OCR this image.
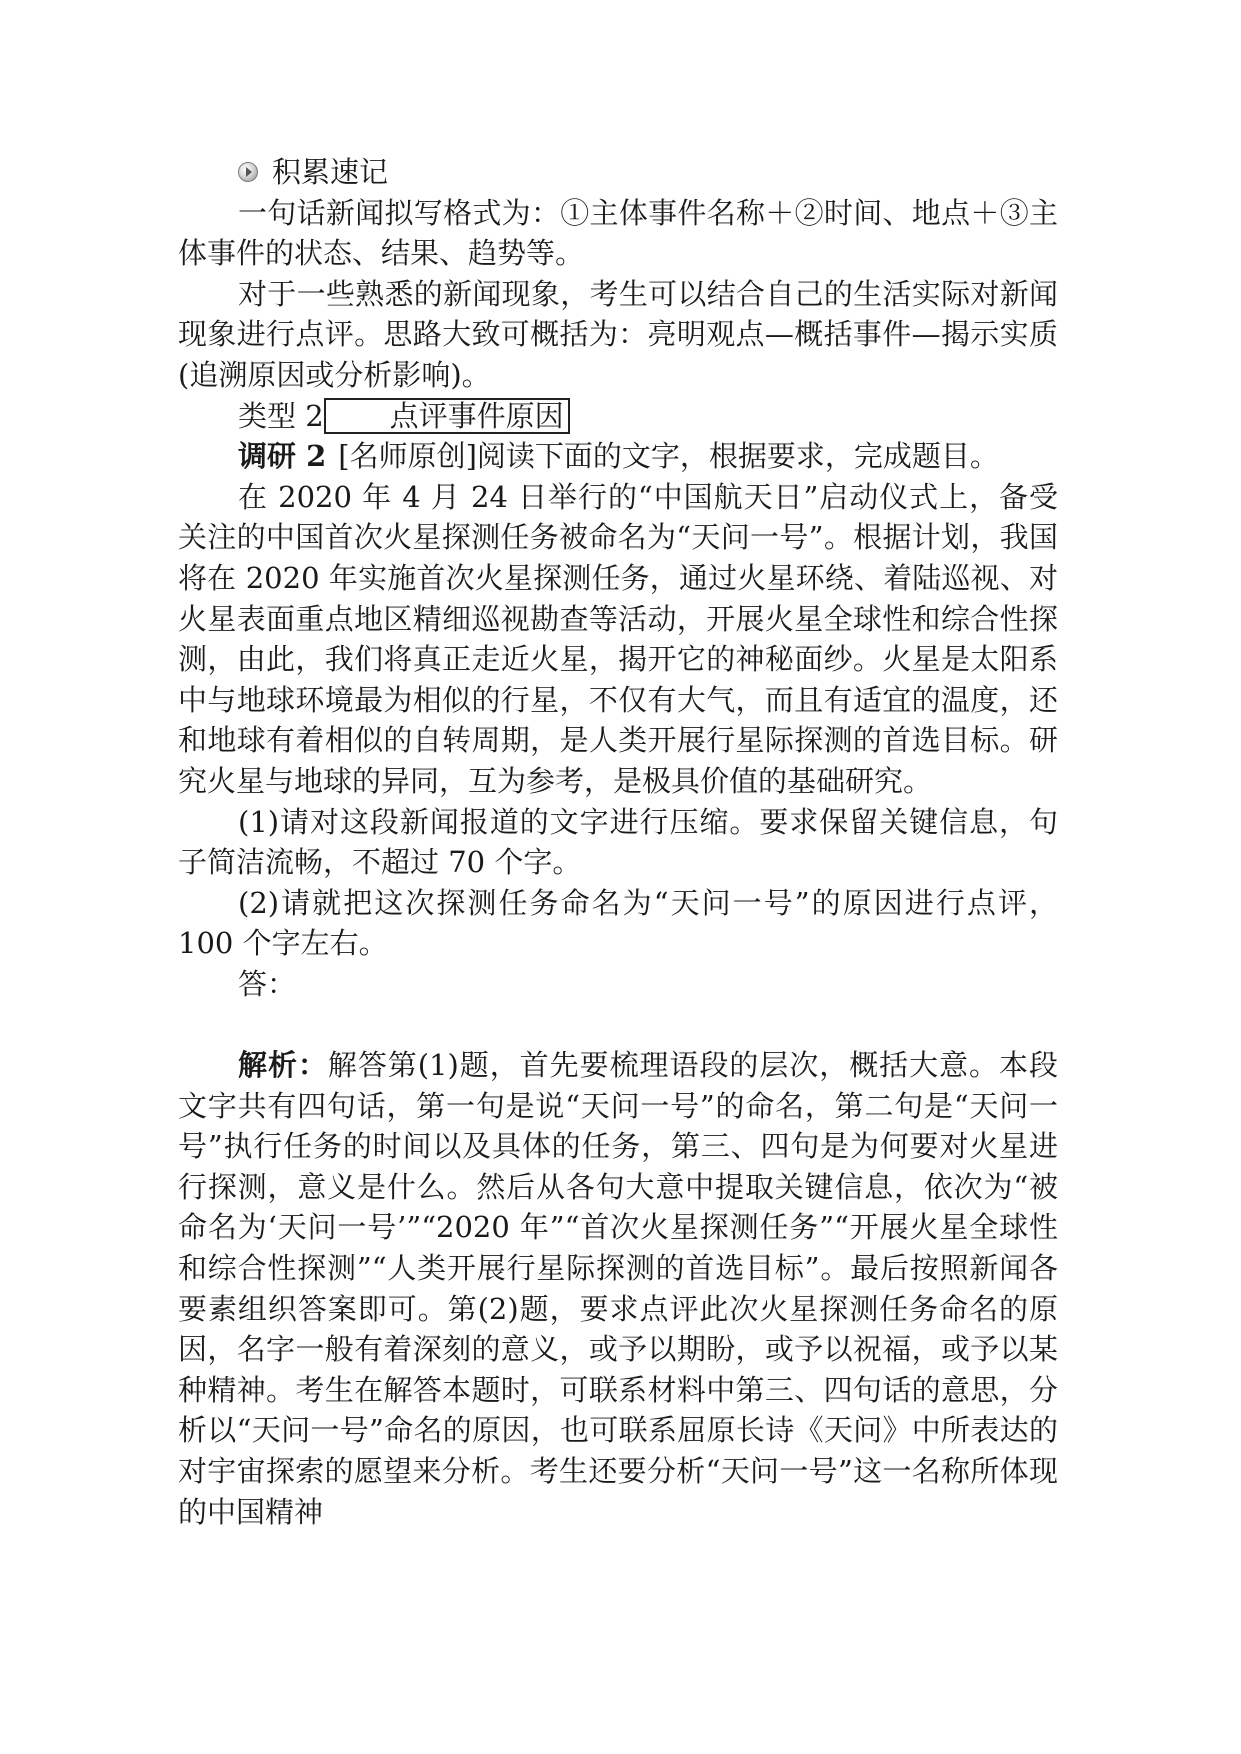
积累速记

一句话新闻拟写格式为：①主体事件名称＋②时间、地点＋③主体事件的状态、结果、趋势等。

对于一些熟悉的新闻现象，考生可以结合自己的生活实际对新闻现象进行点评。思路大致可概括为：亮明观点—概括事件—揭示实质(追溯原因或分析影响)。

类型 2 点评事件原因

调研 2 [名师原创]阅读下面的文字，根据要求，完成题目。

在 2020 年 4 月 24 日举行的“中国航天日”启动仪式上，备受关注的中国首次火星探测任务被命名为“天问一号”。根据计划，我国将在 2020 年实施首次火星探测任务，通过火星环绕、着陆巡视、对火星表面重点地区精细巡视勘查等活动，开展火星全球性和综合性探测，由此，我们将真正走近火星，揭开它的神秘面纱。火星是太阳系中与地球环境最为相似的行星，不仅有大气，而且有适宜的温度，还和地球有着相似的自转周期，是人类开展行星际探测的首选目标。研究火星与地球的异同，互为参考，是极具价值的基础研究。

(1)请对这段新闻报道的文字进行压缩。要求保留关键信息，句子简洁流畅，不超过 70 个字。

(2)请就把这次探测任务命名为“天问一号”的原因进行点评，100 个字左右。

答：

解析：解答第(1)题，首先要梳理语段的层次，概括大意。本段文字共有四句话，第一句是说“天问一号”的命名，第二句是“天问一号”执行任务的时间以及具体的任务，第三、四句是为何要对火星进行探测，意义是什么。然后从各句大意中提取关键信息，依次为“被命名为‘天问一号’”“2020 年”“首次火星探测任务”“开展火星全球性和综合性探测”“人类开展行星际探测的首选目标”。最后按照新闻各要素组织答案即可。第(2)题，要求点评此次火星探测任务命名的原因，名字一般有着深刻的意义，或予以期盼，或予以祝福，或予以某种精神。考生在解答本题时，可联系材料中第三、四句话的意思，分析以“天问一号”命名的原因，也可联系屈原长诗《天问》中所表达的对宇宙探索的愿望来分析。考生还要分析“天问一号”这一名称所体现的中国精神
